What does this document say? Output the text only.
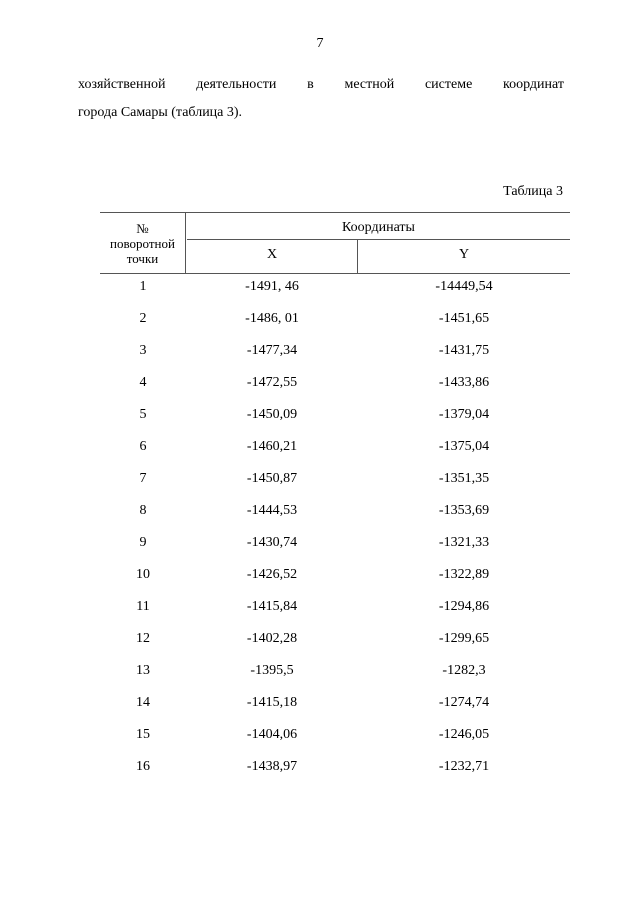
7
хозяйственной деятельности в местной системе координат
города Самары (таблица 3).
Таблица 3
№
поворотной
точки
Координаты
X	Y
1	-1491, 46	-14449,54
2	-1486, 01	-1451,65
3	-1477,34	-1431,75
4	-1472,55	-1433,86
5	-1450,09	-1379,04
6	-1460,21	-1375,04
7	-1450,87	-1351,35
8	-1444,53	-1353,69
9	-1430,74	-1321,33
10	-1426,52	-1322,89
11	-1415,84	-1294,86
12	-1402,28	-1299,65
13	-1395,5	-1282,3
14	-1415,18	-1274,74
15	-1404,06	-1246,05
16	-1438,97	-1232,71
